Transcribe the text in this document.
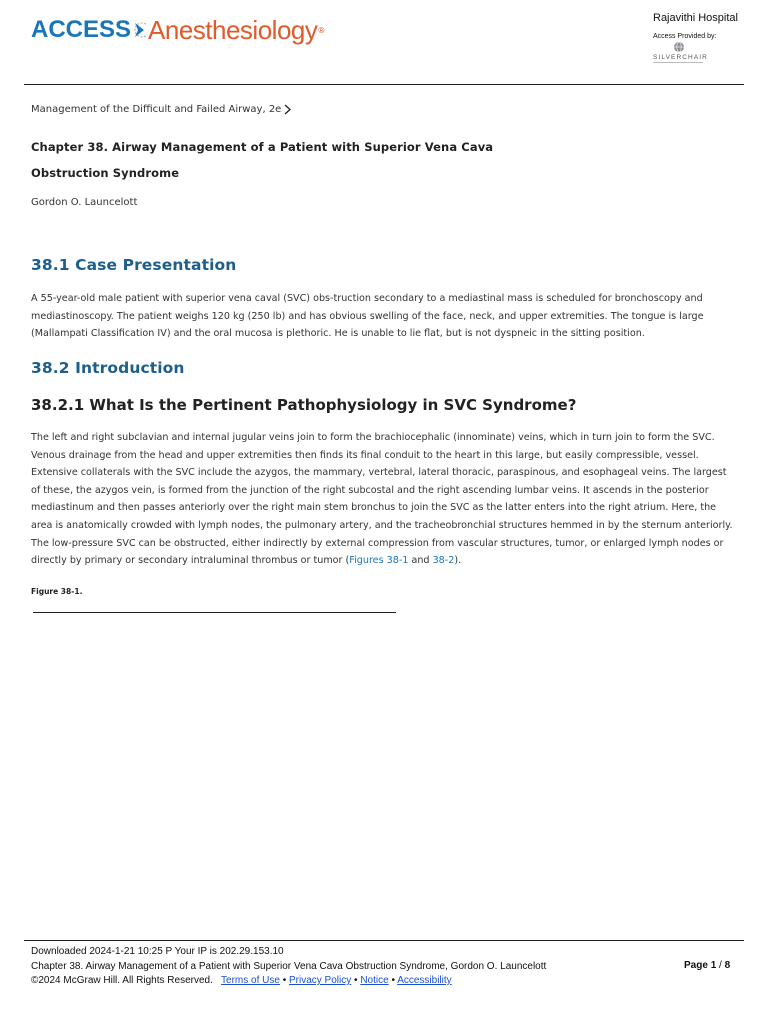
ACCESS Anesthesiology ®
Rajavithi Hospital
Access Provided by:
SILVERCHAIR
Management of the Difficult and Failed Airway, 2e
Chapter 38. Airway Management of a Patient with Superior Vena Cava Obstruction Syndrome
Gordon O. Launcelott
38.1 Case Presentation
A 55-year-old male patient with superior vena caval (SVC) obs-truction secondary to a mediastinal mass is scheduled for bronchoscopy and mediastinoscopy. The patient weighs 120 kg (250 lb) and has obvious swelling of the face, neck, and upper extremities. The tongue is large (Mallampati Classification IV) and the oral mucosa is plethoric. He is unable to lie flat, but is not dyspneic in the sitting position.
38.2 Introduction
38.2.1 What Is the Pertinent Pathophysiology in SVC Syndrome?
The left and right subclavian and internal jugular veins join to form the brachiocephalic (innominate) veins, which in turn join to form the SVC. Venous drainage from the head and upper extremities then finds its final conduit to the heart in this large, but easily compressible, vessel. Extensive collaterals with the SVC include the azygos, the mammary, vertebral, lateral thoracic, paraspinous, and esophageal veins. The largest of these, the azygos vein, is formed from the junction of the right subcostal and the right ascending lumbar veins. It ascends in the posterior mediastinum and then passes anteriorly over the right main stem bronchus to join the SVC as the latter enters into the right atrium. Here, the area is anatomically crowded with lymph nodes, the pulmonary artery, and the tracheobronchial structures hemmed in by the sternum anteriorly. The low-pressure SVC can be obstructed, either indirectly by external compression from vascular structures, tumor, or enlarged lymph nodes or directly by primary or secondary intraluminal thrombus or tumor (Figures 38-1 and 38-2).
Figure 38-1.
Downloaded 2024-1-21 10:25 P Your IP is 202.29.153.10
Chapter 38. Airway Management of a Patient with Superior Vena Cava Obstruction Syndrome, Gordon O. Launcelott
©2024 McGraw Hill. All Rights Reserved. Terms of Use • Privacy Policy • Notice • Accessibility
Page 1 / 8
